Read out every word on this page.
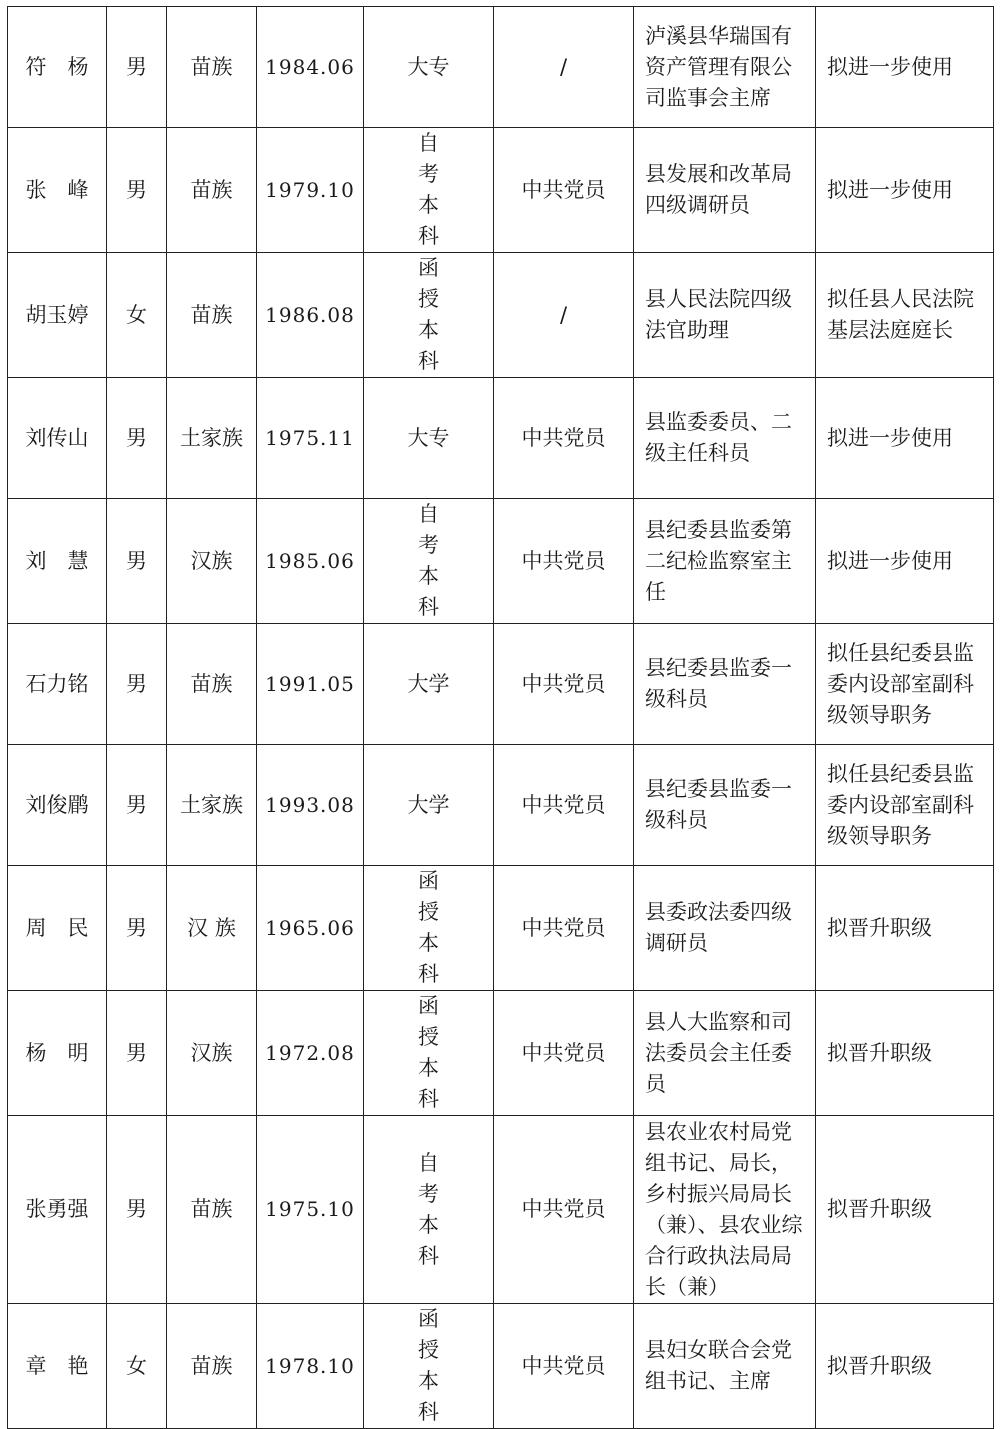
符　杨	男	苗族	1984.06	大专	/	泸溪县华瑞国有资产管理有限公司监事会主席	拟进一步使用
张　峰	男	苗族	1979.10	自考本科	中共党员	县发展和改革局四级调研员	拟进一步使用
胡玉婷	女	苗族	1986.08	函授本科	/	县人民法院四级法官助理	拟任县人民法院基层法庭庭长
刘传山	男	土家族	1975.11	大专	中共党员	县监委委员、二级主任科员	拟进一步使用
刘　慧	男	汉族	1985.06	自考本科	中共党员	县纪委县监委第二纪检监察室主任	拟进一步使用
石力铭	男	苗族	1991.05	大学	中共党员	县纪委县监委一级科员	拟任县纪委县监委内设部室副科级领导职务
刘俊鹛	男	土家族	1993.08	大学	中共党员	县纪委县监委一级科员	拟任县纪委县监委内设部室副科级领导职务
周　民	男	汉 族	1965.06	函授本科	中共党员	县委政法委四级调研员	拟晋升职级
杨　明	男	汉族	1972.08	函授本科	中共党员	县人大监察和司法委员会主任委员	拟晋升职级
张勇强	男	苗族	1975.10	自考本科	中共党员	县农业农村局党组书记、局长，乡村振兴局局长（兼）、县农业综合行政执法局局长（兼）	拟晋升职级
章　艳	女	苗族	1978.10	函授本科	中共党员	县妇女联合会党组书记、主席	拟晋升职级
